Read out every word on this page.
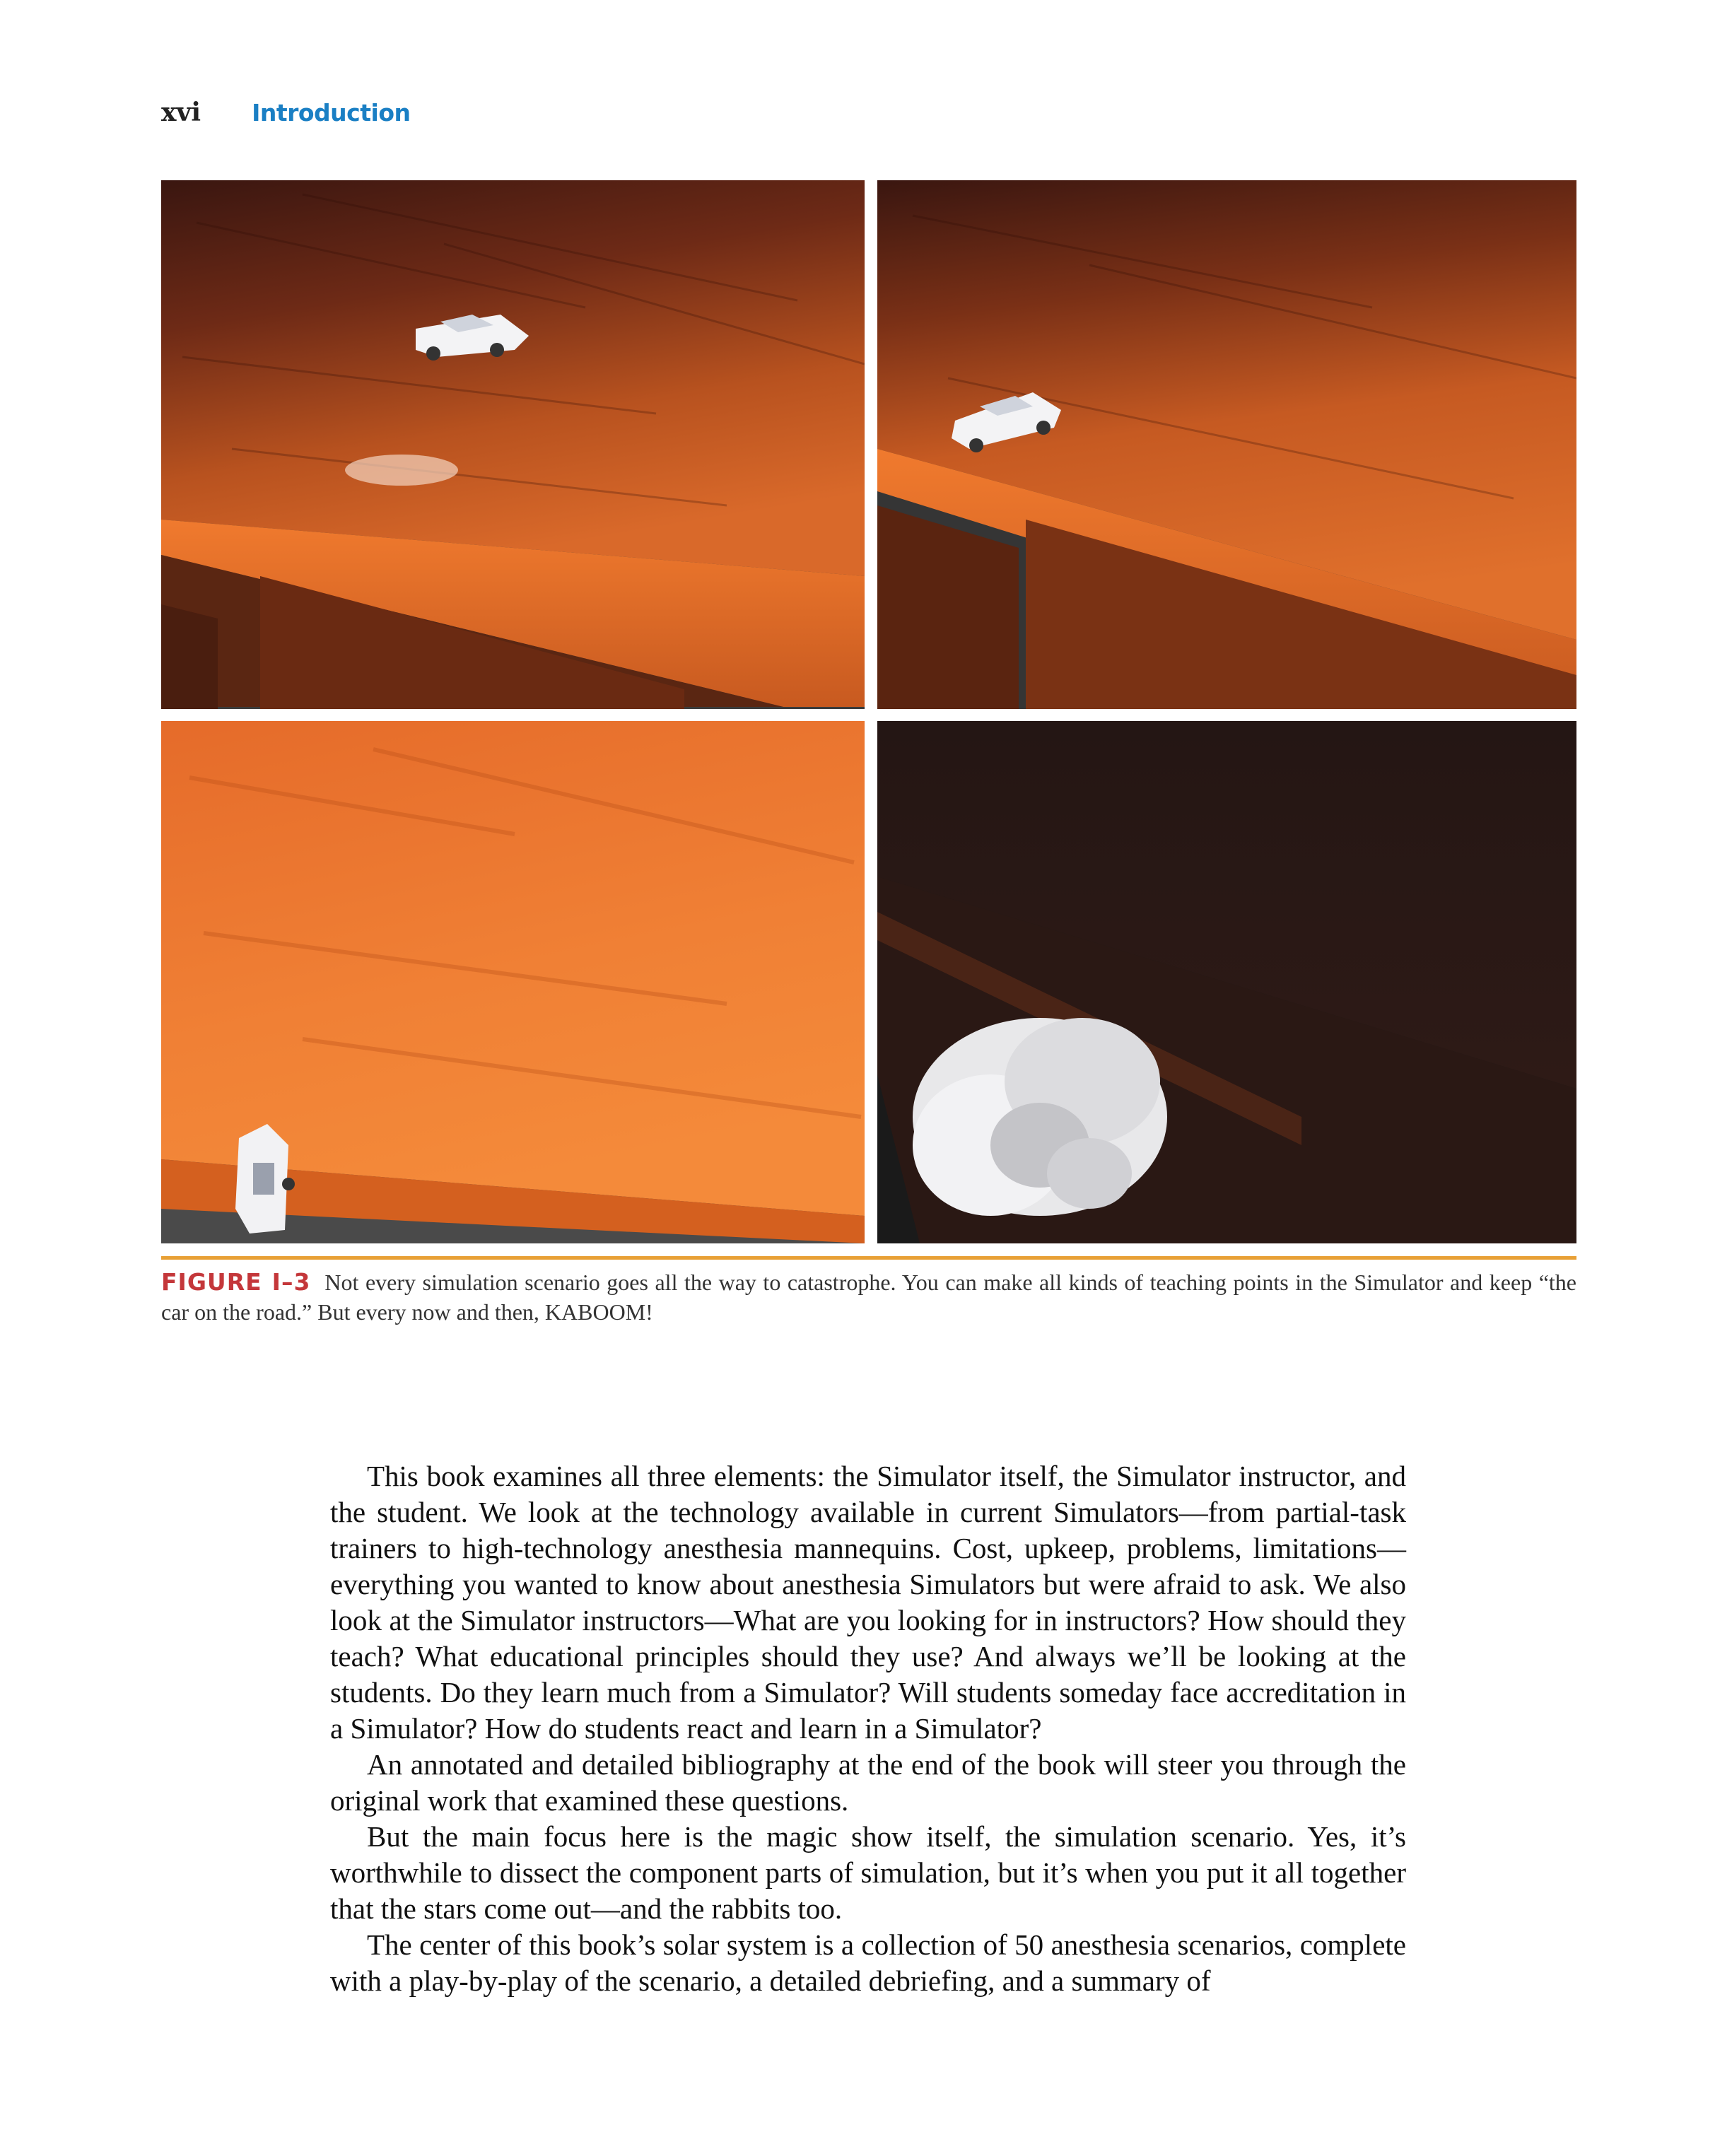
xvi Introduction
FIGURE I–3 Not every simulation scenario goes all the way to catastrophe. You can make all kinds of teaching points in the Simulator and keep “the car on the road.” But every now and then, KABOOM!

This book examines all three elements: the Simulator itself, the Simulator instructor, and the student. We look at the technology available in current Simulators—from partial-task trainers to high-technology anesthesia mannequins. Cost, upkeep, problems, limitations—everything you wanted to know about anesthesia Simulators but were afraid to ask. We also look at the Simulator instructors—What are you looking for in instructors? How should they teach? What educational principles should they use? And always we’ll be looking at the students. Do they learn much from a Simulator? Will students someday face accreditation in a Simulator? How do students react and learn in a Simulator?

An annotated and detailed bibliography at the end of the book will steer you through the original work that examined these questions.

But the main focus here is the magic show itself, the simulation scenario. Yes, it’s worthwhile to dissect the component parts of simulation, but it’s when you put it all together that the stars come out—and the rabbits too.

The center of this book’s solar system is a collection of 50 anesthesia scenarios, complete with a play-by-play of the scenario, a detailed debriefing, and a summary of
